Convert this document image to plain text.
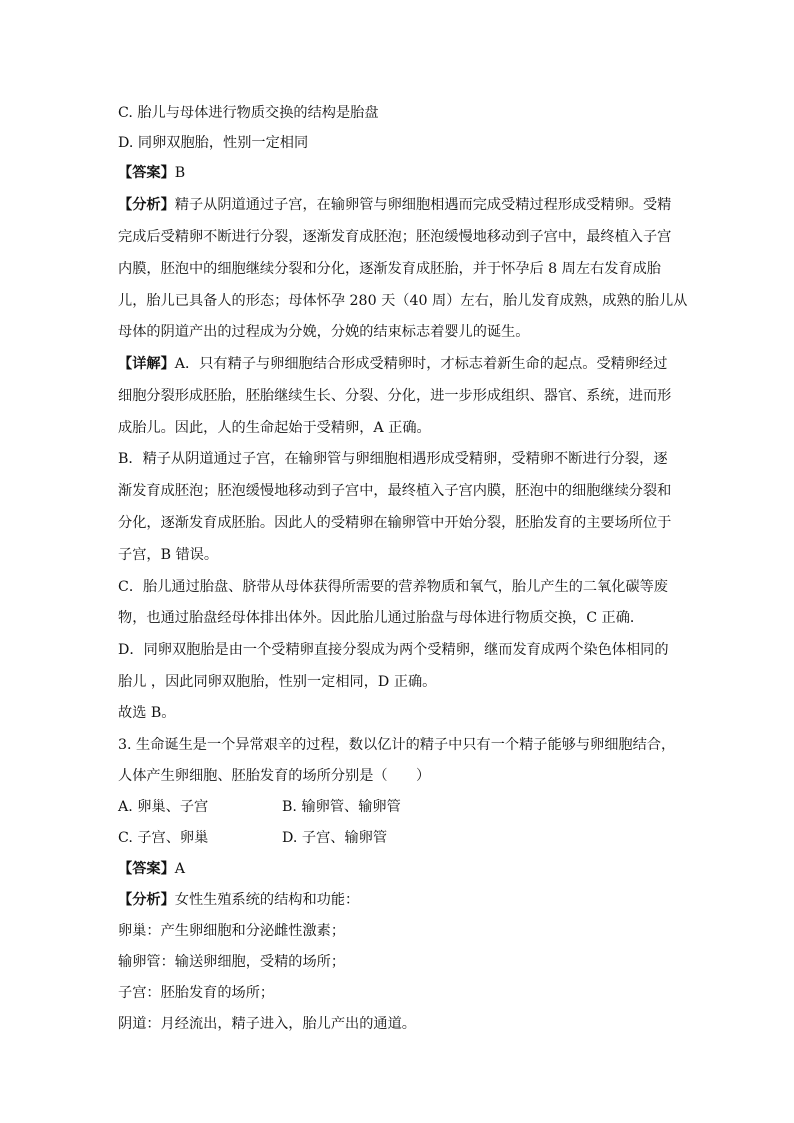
C. 胎儿与母体进行物质交换的结构是胎盘
D. 同卵双胞胎，性别一定相同
【答案】B
【分析】精子从阴道通过子宫，在输卵管与卵细胞相遇而完成受精过程形成受精卵。受精
完成后受精卵不断进行分裂，逐渐发育成胚泡；胚泡缓慢地移动到子宫中，最终植入子宫
内膜，胚泡中的细胞继续分裂和分化，逐渐发育成胚胎，并于怀孕后 8 周左右发育成胎
儿，胎儿已具备人的形态；母体怀孕 280 天（40 周）左右，胎儿发育成熟，成熟的胎儿从
母体的阴道产出的过程成为分娩，分娩的结束标志着婴儿的诞生。
【详解】A．只有精子与卵细胞结合形成受精卵时，才标志着新生命的起点。受精卵经过
细胞分裂形成胚胎，胚胎继续生长、分裂、分化，进一步形成组织、器官、系统，进而形
成胎儿。因此，人的生命起始于受精卵，A 正确。
B．精子从阴道通过子宫，在输卵管与卵细胞相遇形成受精卵，受精卵不断进行分裂，逐
渐发育成胚泡；胚泡缓慢地移动到子宫中，最终植入子宫内膜，胚泡中的细胞继续分裂和
分化，逐渐发育成胚胎。因此人的受精卵在输卵管中开始分裂，胚胎发育的主要场所位于
子宫，B 错误。
C．胎儿通过胎盘、脐带从母体获得所需要的营养物质和氧气，胎儿产生的二氧化碳等废
物，也通过胎盘经母体排出体外。因此胎儿通过胎盘与母体进行物质交换，C 正确．
D．同卵双胞胎是由一个受精卵直接分裂成为两个受精卵，继而发育成两个染色体相同的
胎儿 ，因此同卵双胞胎，性别一定相同，D 正确。
故选 B。
3. 生命诞生是一个异常艰辛的过程，数以亿计的精子中只有一个精子能够与卵细胞结合，
人体产生卵细胞、胚胎发育的场所分别是（　　）
A. 卵巢、子宫	B. 输卵管、输卵管
C. 子宫、卵巢	D. 子宫、输卵管
【答案】A
【分析】女性生殖系统的结构和功能：
卵巢：产生卵细胞和分泌雌性激素；
输卵管：输送卵细胞，受精的场所；
子宫：胚胎发育的场所；
阴道：月经流出，精子进入，胎儿产出的通道。
